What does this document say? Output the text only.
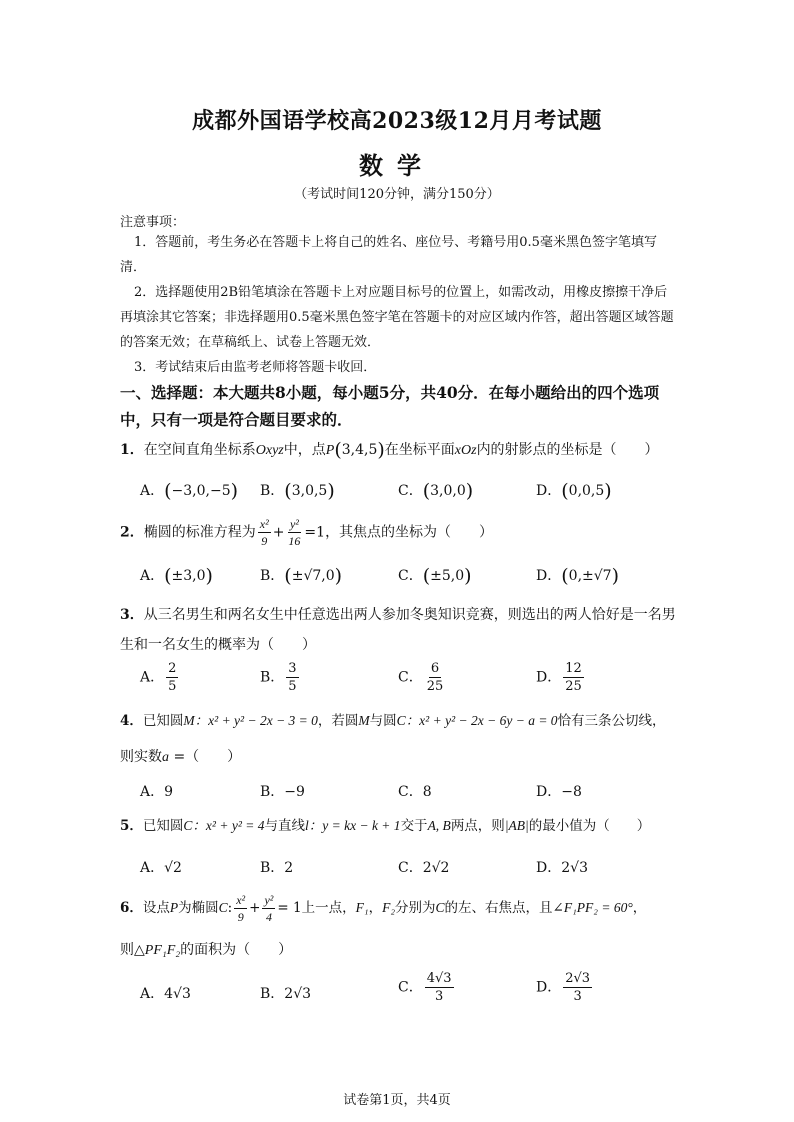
成都外国语学校高2023级12月月考试题
数学
（考试时间120分钟，满分150分）
注意事项：
1．答题前，考生务必在答题卡上将自己的姓名、座位号、考籍号用0.5毫米黑色签字笔填写清．
2．选择题使用2B铅笔填涂在答题卡上对应题目标号的位置上，如需改动，用橡皮擦擦干净后再填涂其它答案；非选择题用0.5毫米黑色签字笔在答题卡的对应区域内作答，超出答题区域答题的答案无效；在草稿纸上、试卷上答题无效．
3．考试结束后由监考老师将答题卡收回．
一、选择题：本大题共8小题，每小题5分，共40分．在每小题给出的四个选项中，只有一项是符合题目要求的．
1．在空间直角坐标系Oxyz中，点P(3,4,5)在坐标平面xOz内的射影点的坐标是（　　）
A．(−3,0,−5) B．(3,0,5)	C．(3,0,0)	D．(0,0,5)
2．椭圆的标准方程为 $\frac{\text{x²}}{9} + \frac{\text{y²}}{16} =1$，其焦点的坐标为（　　）
A．(±3,0)	B．(±√7,0)	C．(±5,0)	D．(0,±√7)
3．从三名男生和两名女生中任意选出两人参加冬奥知识竞赛，则选出的两人恰好是一名男
生和一名女生的概率为（　　）
A． $\frac{2}{5}$	B． $\frac{3}{5}$	C． $\frac{6}{25}$	D． $\frac{12}{25}$
4．已知圆M：x² + y² − 2x − 3 = 0，若圆M与圆C：x² + y² − 2x − 6y − a = 0恰有三条公切线，
则实数a =（　　）
A．9	B．−9	C．8	D．−8
5．已知圆C：x² + y² = 4与直线l：y = kx − k + 1交于A, B两点，则|AB|的最小值为（　　）
A．√2	B．2	C．2√2	D．2√3
6．设点P为椭圆C: $\frac{\text{x²}}{9} + \frac{\text{y²}}{4} = 1$上一点，F₁，F₂分别为C的左、右焦点，且∠F₁PF₂ = 60°，
则△PF₁F₂的面积为（　　）
A．4√3	B．2√3	C． $\frac{4√3}{3}$	D． $\frac{2√3}{3}$
试卷第1页，共4页
